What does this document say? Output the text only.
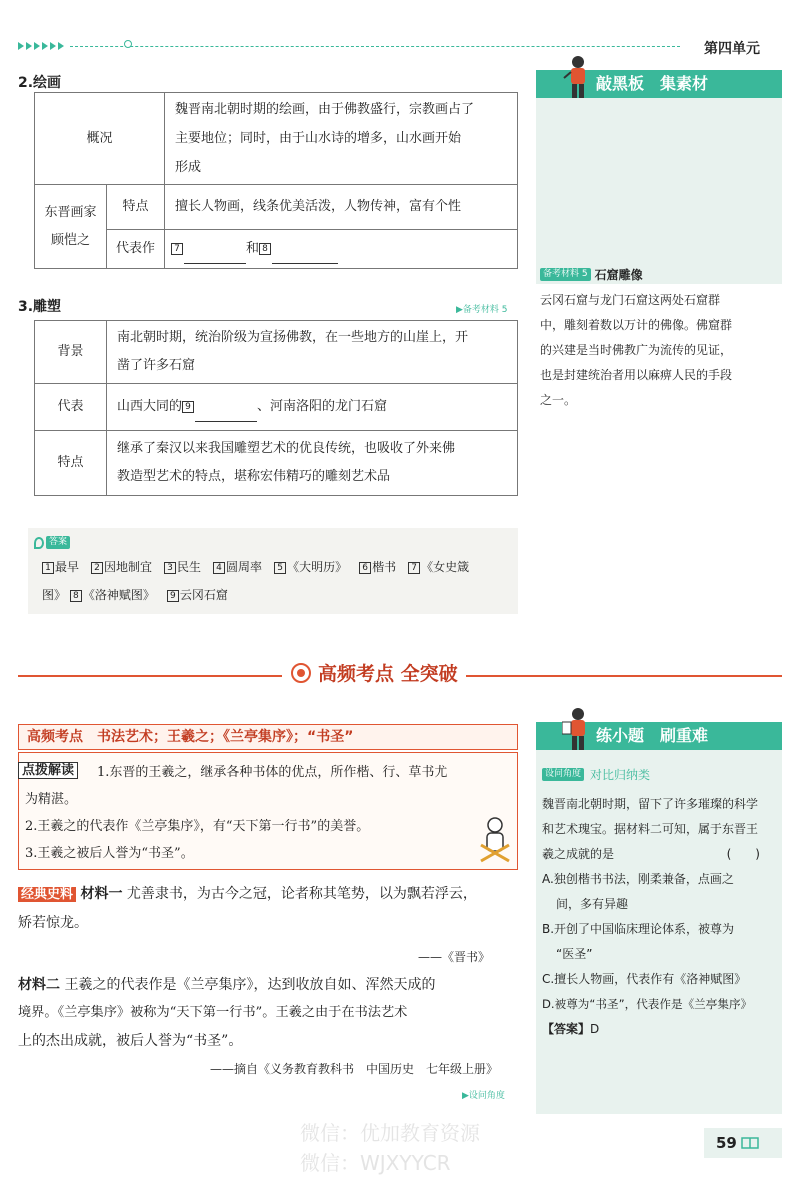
第四单元
2.绘画
概况		魏晋南北朝时期的绘画，由于佛教盛行，宗教画占了
主要地位；同时，由于山水诗的增多，山水画开始
形成

东晋画家
顾恺之	特点	擅长人物画，线条优美活泼，人物传神，富有个性
	代表作	7 和 8
3.雕塑	▶备考材料 5
背景	南北朝时期，统治阶级为宣扬佛教，在一些地方的山崖上，开
凿了许多石窟

代表	山西大同的 9 、河南洛阳的龙门石窟
特点	继承了秦汉以来我国雕塑艺术的优良传统，也吸收了外来佛
教造型艺术的特点，堪称宏伟精巧的雕刻艺术品
答案
1 最早 2 因地制宜 3 民生 4 圆周率 5 《大明历》 6 楷书 7 《女史箴
图》 8 《洛神赋图》 9 云冈石窟
敲黑板 集素材
备考材料 5 石窟雕像
云冈石窟与龙门石窟这两处石窟群
中，雕刻着数以万计的佛像。佛窟群
的兴建是当时佛教广为流传的见证，
也是封建统治者用以麻痹人民的手段
之一。
高频考点 全突破
高频考点　书法艺术；王羲之；《兰亭集序》；“书圣”
点拨解读	1.东晋的王羲之，继承各种书体的优点，所作楷、行、草书尤
为精湛。
2.王羲之的代表作《兰亭集序》，有“天下第一行书”的美誉。
3.王羲之被后人誉为“书圣”。
经典史料 材料一 尤善隶书，为古今之冠，论者称其笔势，以为飘若浮云，
矫若惊龙。
——《晋书》
材料二 王羲之的代表作是《兰亭集序》，达到收放自如、浑然天成的
境界。《兰亭集序》被称为“天下第一行书”。王羲之由于在书法艺术
上的杰出成就，被后人誉为“书圣”。
——摘自《义务教育教科书　中国历史　七年级上册》
▶设问角度
练小题 刷重难
设问角度 对比归纳类
魏晋南北朝时期，留下了许多璀璨的科学
和艺术瑰宝。据材料二可知，属于东晋王
羲之成就的是	(　　)
A.独创楷书书法，刚柔兼备，点画之
间，多有异趣
B.开创了中国临床理论体系，被尊为
“医圣”
C.擅长人物画，代表作有《洛神赋图》
D.被尊为“书圣”，代表作是《兰亭集序》
【答案】D
微信：优加教育资源
微信：WJXYYCR
59
